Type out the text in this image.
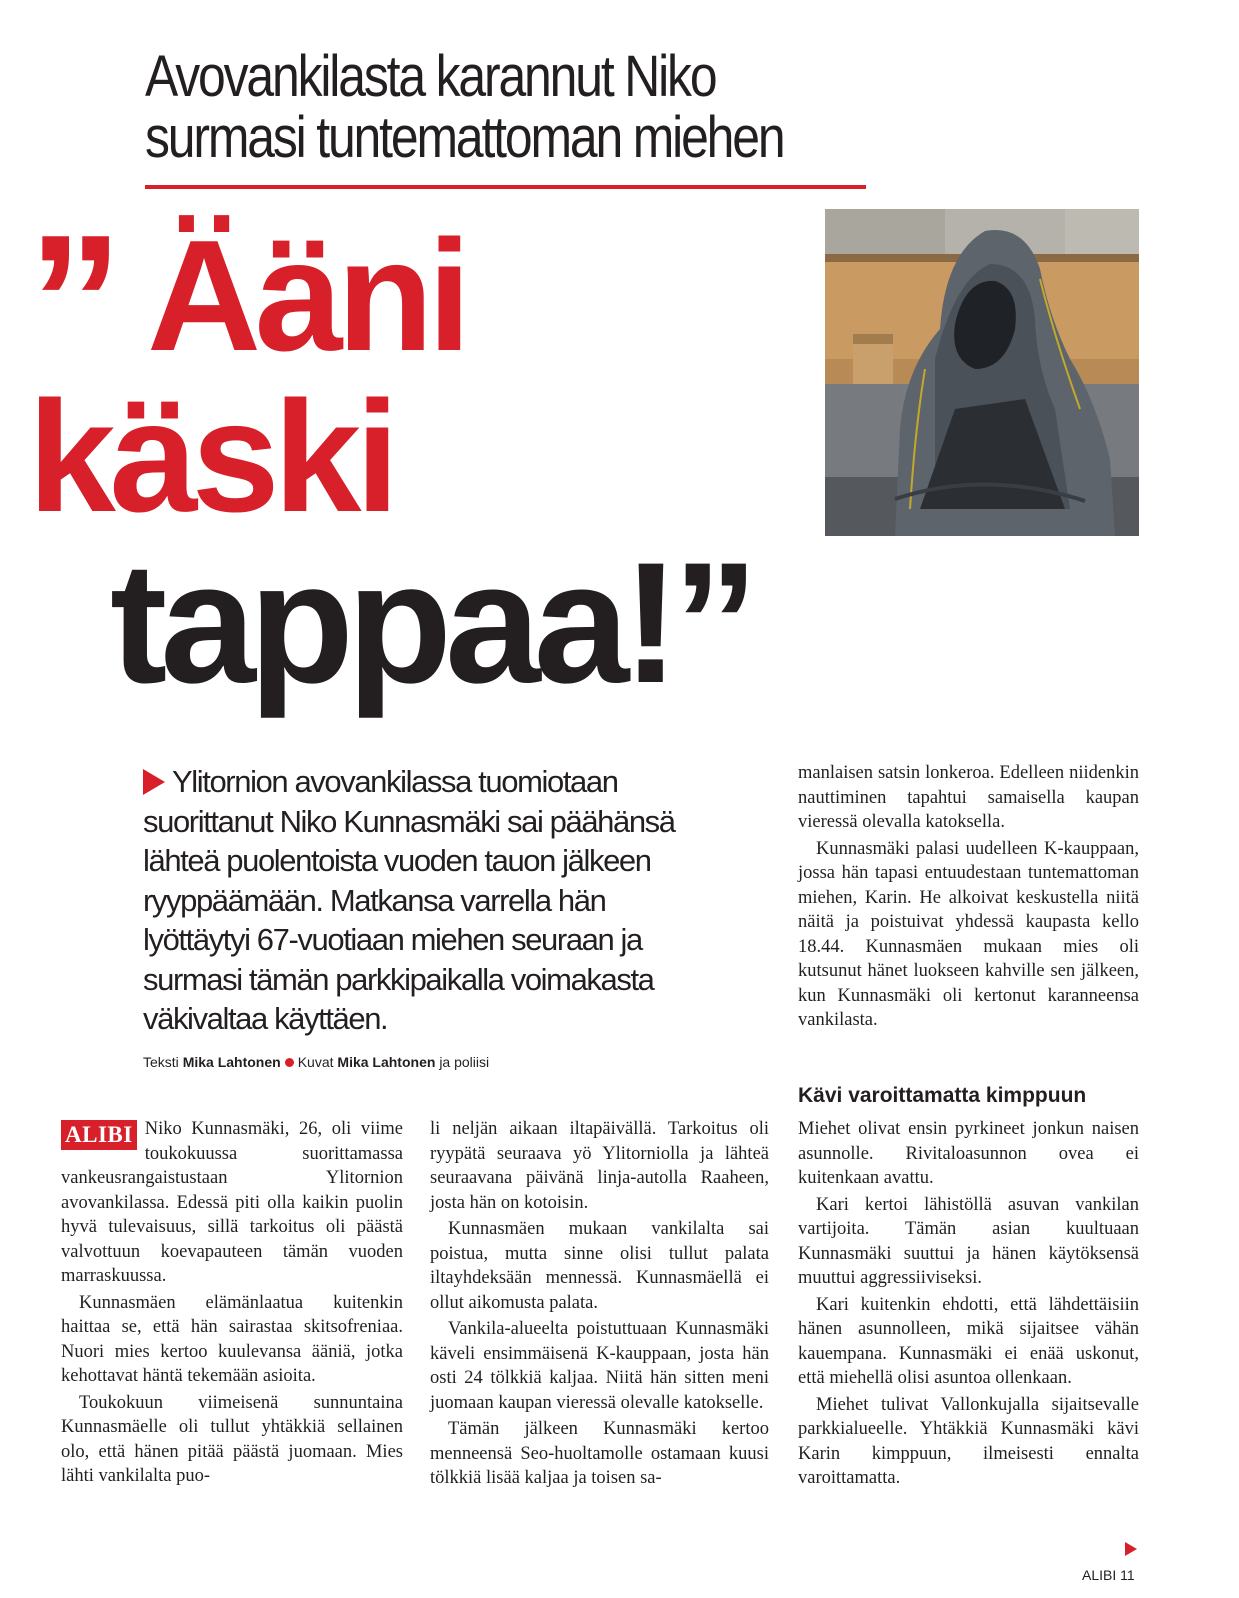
Avovankilasta karannut Niko
surmasi tuntemattoman miehen
” Ääni
käski
tappaa!”
Ylitornion avovankilassa tuomiotaan
suorittanut Niko Kunnasmäki sai päähänsä
lähteä puolentoista vuoden tauon jälkeen
ryyppäämään. Matkansa varrella hän
lyöttäytyi 67-vuotiaan miehen seuraan ja
surmasi tämän parkkipaikalla voimakasta
väkivaltaa käyttäen.
Teksti Mika Lahtonen Kuvat Mika Lahtonen ja poliisi

ALIBI Niko Kunnasmäki, 26, oli viime toukokuussa suorittamassa vankeusrangaistustaan Ylitornion avovankilassa. Edessä piti olla kaikin puolin hyvä tulevaisuus, sillä tarkoitus oli päästä valvottuun koevapauteen tämän vuoden marraskuussa.

Kunnasmäen elämänlaatua kuitenkin haittaa se, että hän sairastaa skitsofreniaa. Nuori mies kertoo kuulevansa ääniä, jotka kehottavat häntä tekemään asioita.

Toukokuun viimeisenä sunnuntaina Kunnasmäelle oli tullut yhtäkkiä sellainen olo, että hänen pitää päästä juomaan. Mies lähti vankilalta puo-

li neljän aikaan iltapäivällä. Tarkoitus oli ryypätä seuraava yö Ylitorniolla ja lähteä seuraavana päivänä linja-autolla Raaheen, josta hän on kotoisin.

Kunnasmäen mukaan vankilalta sai poistua, mutta sinne olisi tullut palata iltayhdeksään mennessä. Kunnasmäellä ei ollut aikomusta palata.

Vankila-alueelta poistuttuaan Kunnasmäki käveli ensimmäisenä K-kauppaan, josta hän osti 24 tölkkiä kaljaa. Niitä hän sitten meni juomaan kaupan vieressä olevalle katokselle.

Tämän jälkeen Kunnasmäki kertoo menneensä Seo-huoltamolle ostamaan kuusi tölkkiä lisää kaljaa ja toisen sa-

manlaisen satsin lonkeroa. Edelleen niidenkin nauttiminen tapahtui samaisella kaupan vieressä olevalla katoksella.

Kunnasmäki palasi uudelleen K-kauppaan, jossa hän tapasi entuudestaan tuntemattoman miehen, Karin. He alkoivat keskustella niitä näitä ja poistuivat yhdessä kaupasta kello 18.44. Kunnasmäen mukaan mies oli kutsunut hänet luokseen kahville sen jälkeen, kun Kunnasmäki oli kertonut karanneensa vankilasta.

Kävi varoittamatta kimppuun

Miehet olivat ensin pyrkineet jonkun naisen asunnolle. Rivitaloasunnon ovea ei kuitenkaan avattu.

Kari kertoi lähistöllä asuvan vankilan vartijoita. Tämän asian kuultuaan Kunnasmäki suuttui ja hänen käytöksensä muuttui aggressiiviseksi.

Kari kuitenkin ehdotti, että lähdettäisiin hänen asunnolleen, mikä sijaitsee vähän kauempana. Kunnasmäki ei enää uskonut, että miehellä olisi asuntoa ollenkaan.

Miehet tulivat Vallonkujalla sijaitsevalle parkkialueelle. Yhtäkkiä Kunnasmäki kävi Karin kimppuun, ilmeisesti ennalta varoittamatta.

ALIBI 11
